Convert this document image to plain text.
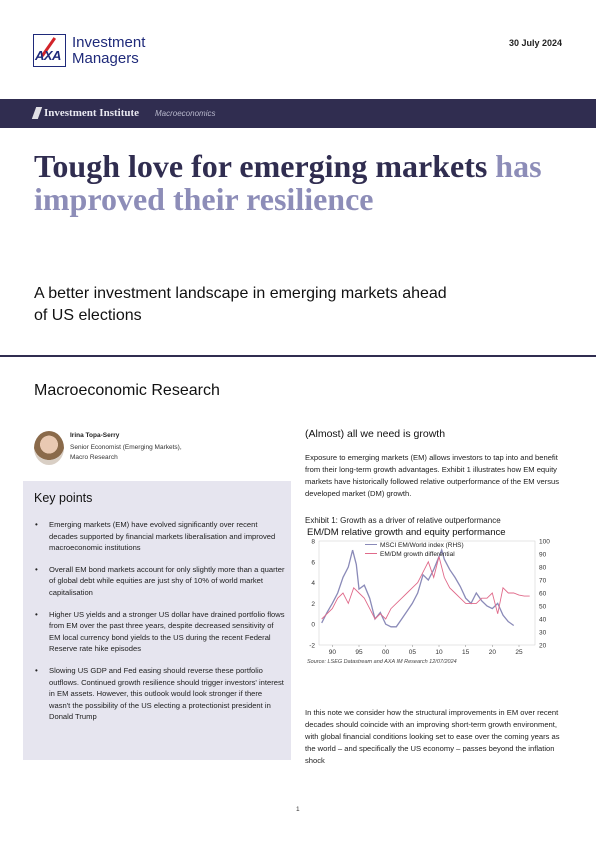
AXA
Investment
Managers
30 July 2024
Investment Institute Macroeconomics
Tough love for emerging markets has improved their resilience
A better investment landscape in emerging markets ahead of US elections
Macroeconomic Research
Irina Topa-Serry
Senior Economist (Emerging Markets),
Macro Research
Key points
• Emerging markets (EM) have evolved significantly over recent decades supported by financial markets liberalisation and improved macroeconomic institutions
• Overall EM bond markets account for only slightly more than a quarter of global debt while equities are just shy of 10% of world market capitalisation
• Higher US yields and a stronger US dollar have drained portfolio flows from EM over the past three years, despite decreased sensitivity of EM local currency bond yields to the US during the recent Federal Reserve rate hike episodes
• Slowing US GDP and Fed easing should reverse these portfolio outflows. Continued growth resilience should trigger investors' interest in EM assets. However, this outlook would look stronger if there wasn't the possibility of the US electing a protectionist president in Donald Trump
(Almost) all we need is growth
Exposure to emerging markets (EM) allows investors to tap into and benefit from their long-term growth advantages. Exhibit 1 illustrates how EM equity markets have historically followed relative outperformance of the EM versus developed market (DM) growth.
Exhibit 1: Growth as a driver of relative outperformance
EM/DM relative growth and equity performance
-2
0
2
4
6
8
20
30
40
50
60
70
80
90
100
90	95	00	05	10	15	20	25
MSCI EM/World index (RHS)
EM/DM growth differential
Source: LSEG Datastream and AXA IM Research 12/07/2024
In this note we consider how the structural improvements in EM over recent decades should coincide with an improving short-term growth environment, with global financial conditions looking set to ease over the coming years as the world – and specifically the US economy – passes beyond the inflation shock
1
